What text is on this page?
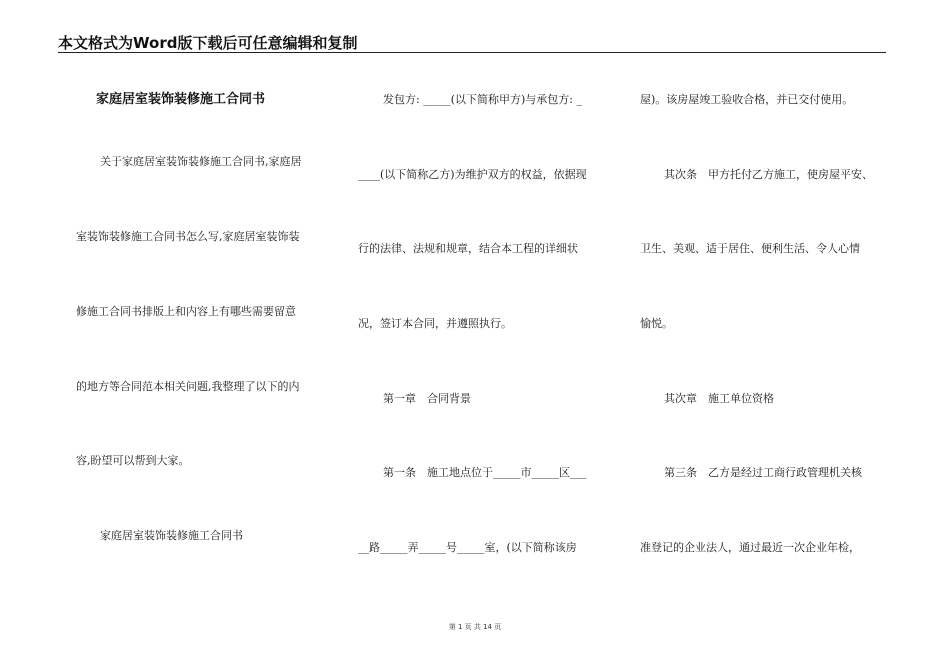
本文格式为Word版下载后可任意编辑和复制
家庭居室装饰装修施工合同书
关于家庭居室装饰装修施工合同书,家庭居
室装饰装修施工合同书怎么写,家庭居室装饰装
修施工合同书排版上和内容上有哪些需要留意
的地方等合同范本相关问题,我整理了以下的内
容,盼望可以帮到大家。
家庭居室装饰装修施工合同书
发包方: _____(以下简称甲方)与承包方: _
____(以下简称乙方)为维护双方的权益，依据现
行的法律、法规和规章，结合本工程的详细状
况，签订本合同，并遵照执行。
第一章　合同背景
第一条　施工地点位于_____市_____区___
__路_____弄_____号_____室，(以下简称该房
屋)。该房屋竣工验收合格，并已交付使用。
其次条　甲方托付乙方施工，使房屋平安、
卫生、美观、适于居住、便利生活、令人心情
愉悦。
其次章　施工单位资格
第三条　乙方是经过工商行政管理机关核
准登记的企业法人，通过最近一次企业年检，
第 1 页 共 14 页
